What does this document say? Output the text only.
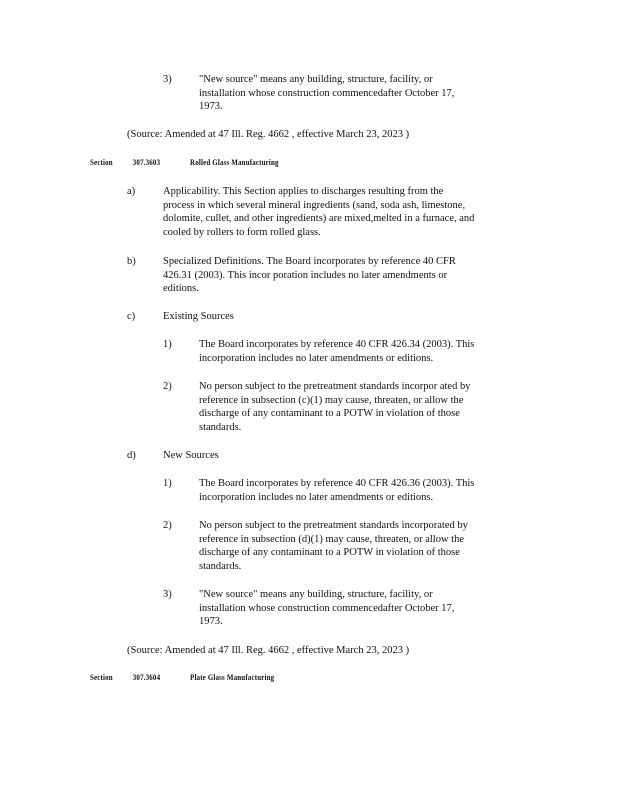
3)	"New source" means any building, structure, facility, or
installation whose construction commencedafter October 17,
1973.
(Source: Amended at 47 Ill. Reg. 4662 , effective March 23, 2023 )
Section 307.3603	Rolled Glass Manufacturing
a)	Applicability. This Section applies to discharges resulting from the
process in which several mineral ingredients (sand, soda ash, limestone,
dolomite, cullet, and other ingredients) are mixed,melted in a furnace, and
cooled by rollers to form rolled glass.
b)	Specialized Definitions. The Board incorporates by reference 40 CFR
426.31 (2003). This incor poration includes no later amendments or
editions.
c)	Existing Sources
1)	The Board incorporates by reference 40 CFR 426.34 (2003). This
incorporation includes no later amendments or editions.
2)	No person subject to the pretreatment standards incorpor ated by
reference in subsection (c)(1) may cause, threaten, or allow the
discharge of any contaminant to a POTW in violation of those
standards.
d)	New Sources
1)	The Board incorporates by reference 40 CFR 426.36 (2003). This
incorporation includes no later amendments or editions.
2)	No person subject to the pretreatment standards incorporated by
reference in subsection (d)(1) may cause, threaten, or allow the
discharge of any contaminant to a POTW in violation of those
standards.
3)	"New source" means any building, structure, facility, or
installation whose construction commencedafter October 17,
1973.
(Source: Amended at 47 Ill. Reg. 4662 , effective March 23, 2023 )
Section 307.3604	Plate Glass Manufacturing
